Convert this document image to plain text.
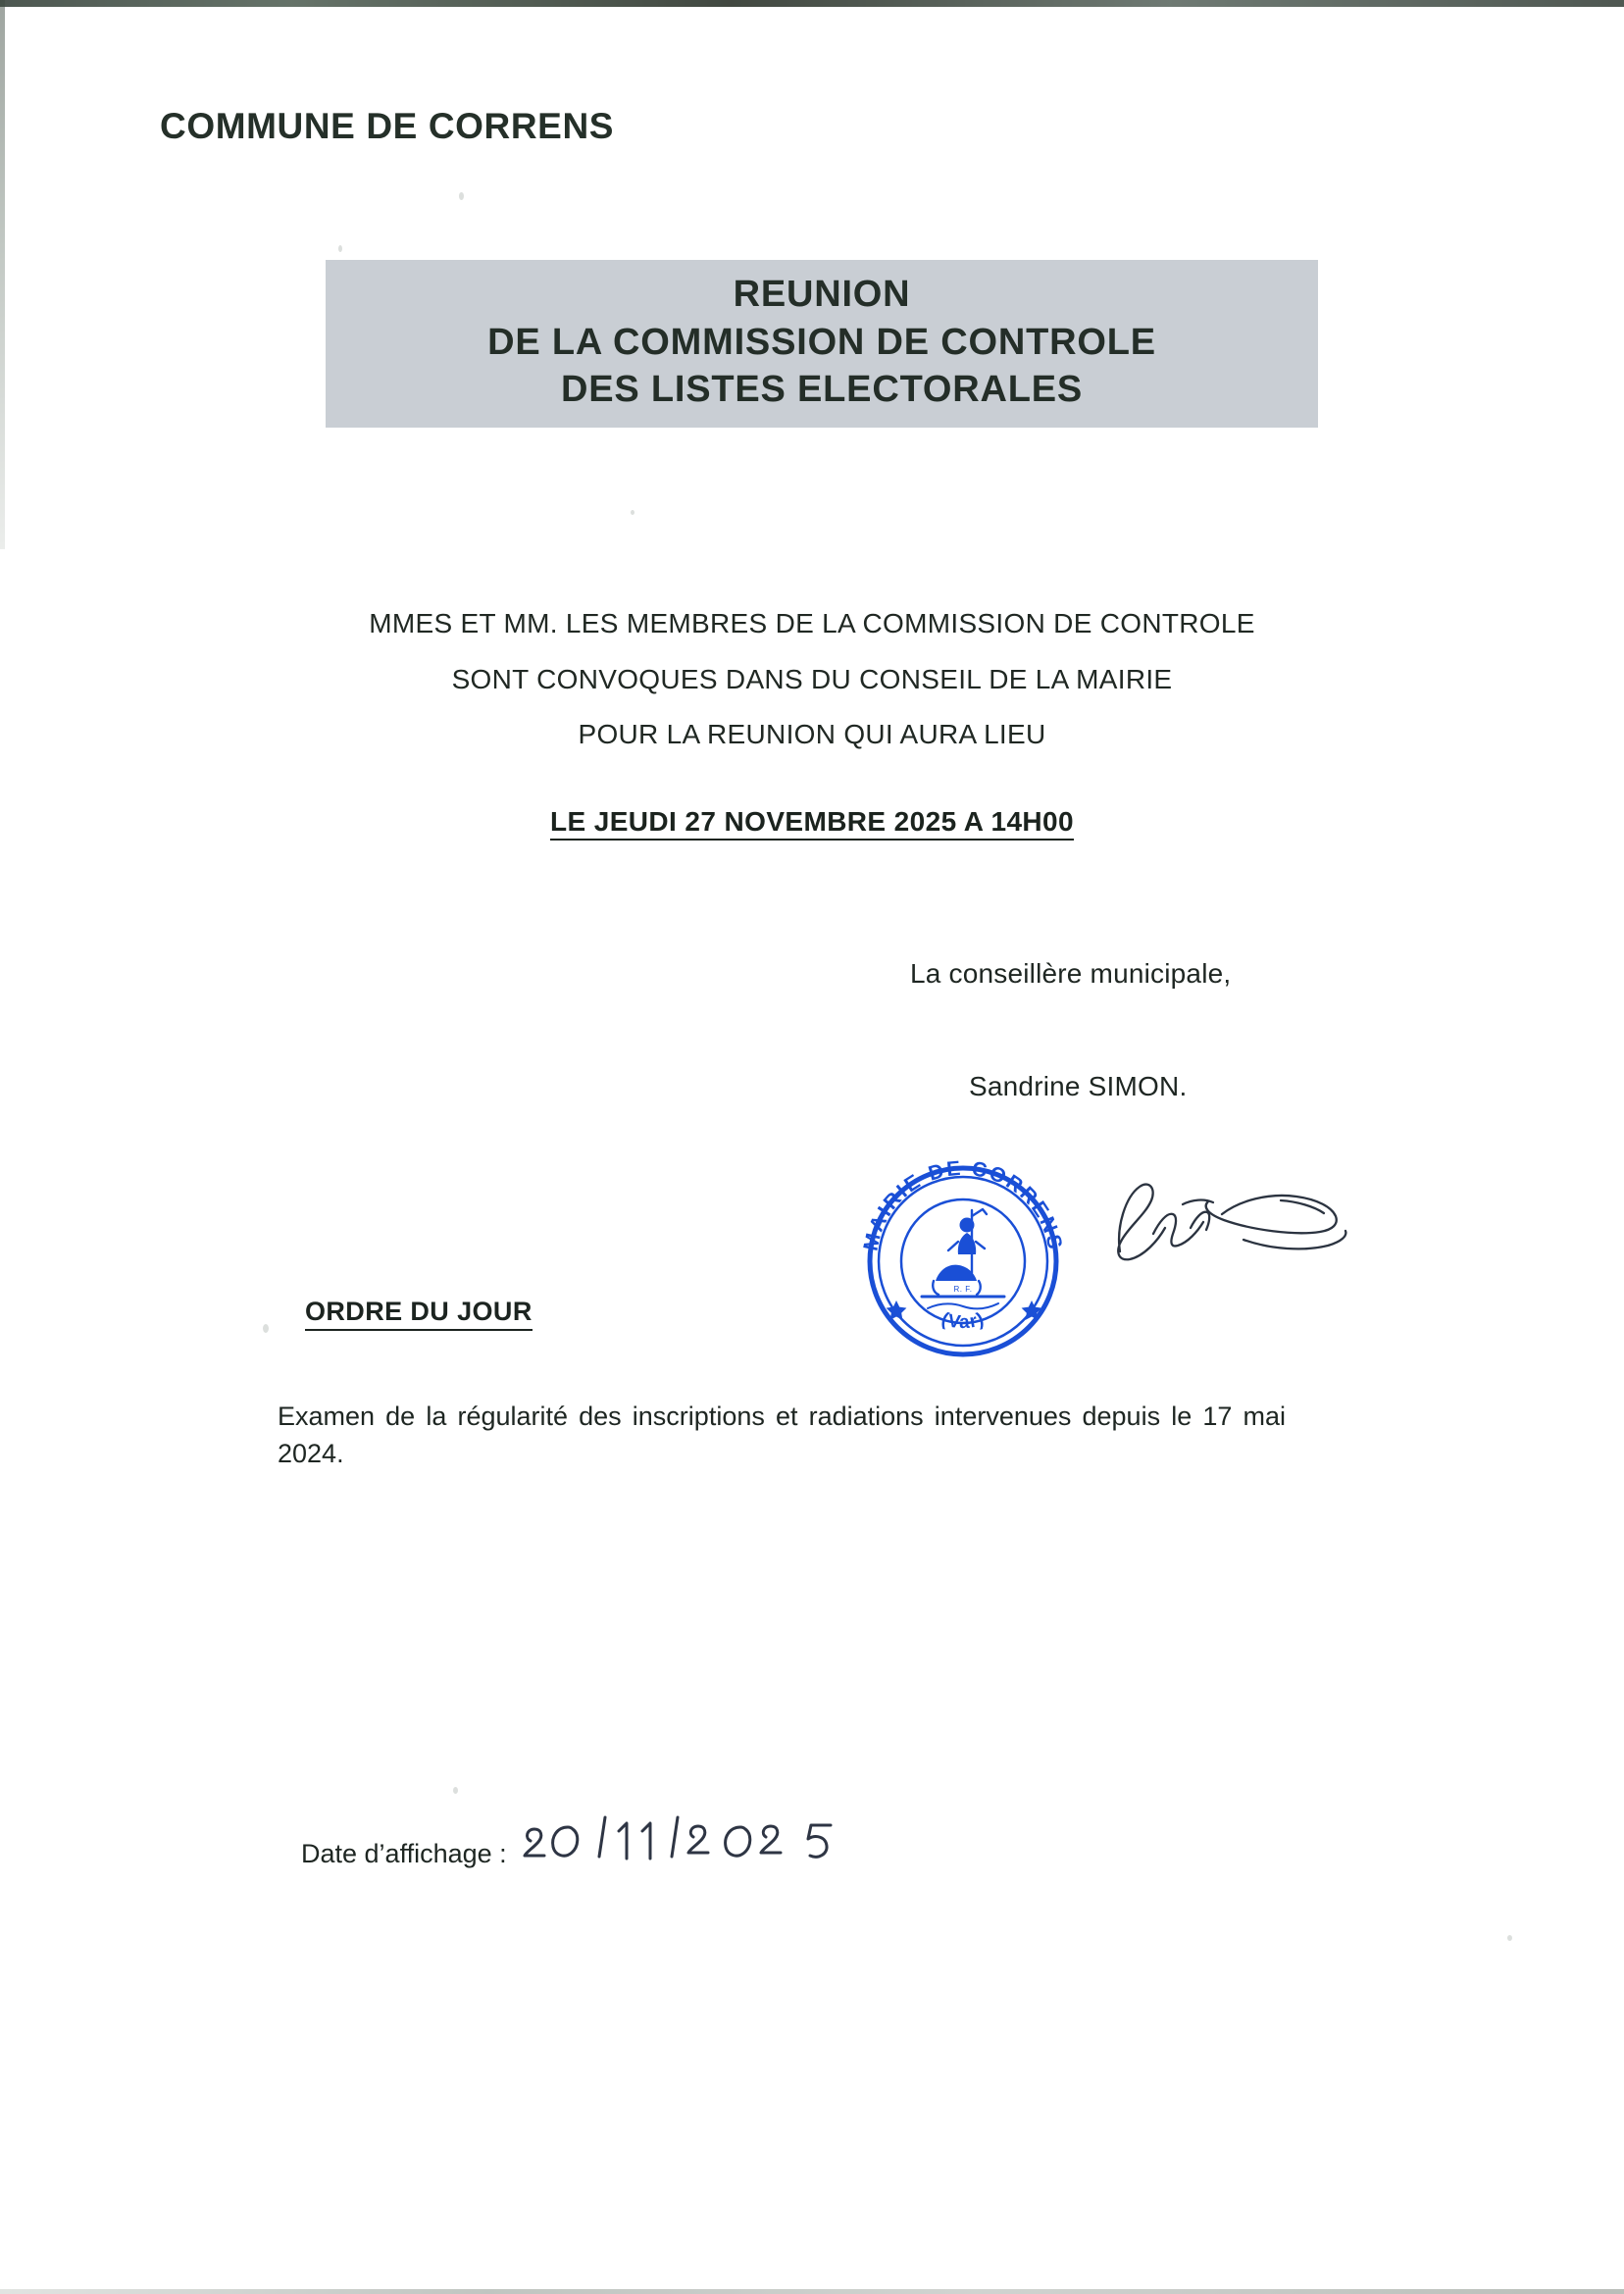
COMMUNE DE CORRENS
REUNION
DE LA COMMISSION DE CONTROLE
DES LISTES ELECTORALES
MMES ET MM. LES MEMBRES DE LA COMMISSION DE CONTROLE
SONT CONVOQUES DANS DU CONSEIL DE LA MAIRIE
POUR LA REUNION QUI AURA LIEU
LE JEUDI 27 NOVEMBRE 2025 A 14H00
La conseillère municipale,
Sandrine SIMON.
MAIRIE DE CORRENS
(Var)
R. F.
ORDRE DU JOUR
Examen de la régularité des inscriptions et radiations intervenues depuis le 17 mai 2024.
Date d’affichage :
